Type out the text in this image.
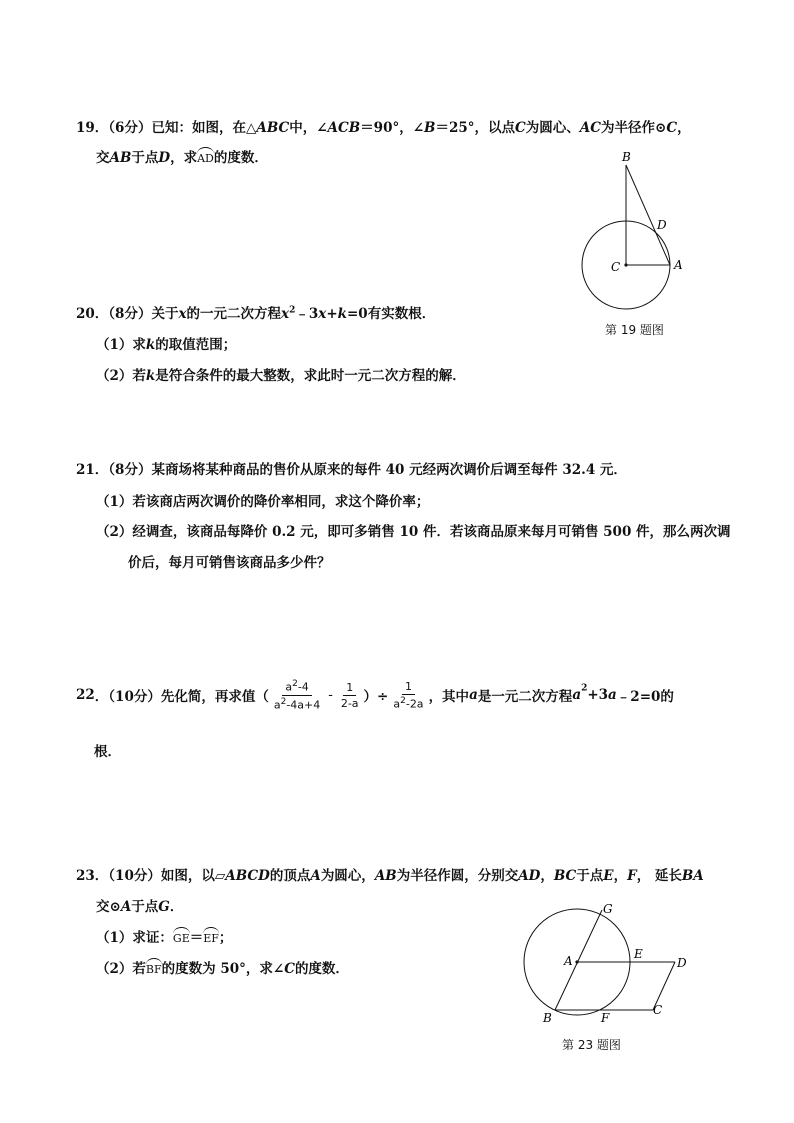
19．（6分）已知：如图，在△ABC中，∠ACB＝90°，∠B＝25°，以点C为圆心、AC为半径作⊙C，
交AB于点D，求AD的度数．	B
D
C	A
第 19 题图
20．（8分）关于x的一元二次方程$x^2﹣3x+k=0$有实数根．
（1）求k的取值范围；
（2）若k是符合条件的最大整数，求此时一元二次方程的解．
21．（8分）某商场将某种商品的售价从原来的每件 40 元经两次调价后调至每件 32.4 元．
（1）若该商店两次调价的降价率相同，求这个降价率；
（2）经调查，该商品每降价 0.2 元，即可多销售 10 件．若该商品原来每月可销售 500 件，那么两次调
价后，每月可销售该商品多少件？
22．（10分）先化简，再求值（ $\frac{a^2-4}{a^2-4a+4} - \frac{1}{2-a}$ ）÷ $\frac{1}{a^2-2a}$ ，其中a是一元二次方程$a^2+3a﹣2=0$的
根．
23．（10分）如图，以▱ABCD的顶点A为圆心，AB为半径作圆，分别交AD，BC于点E，F， 延长BA
交⊙A于点G．
（1）求证：GE＝EF；
（2）若BF的度数为 50°，求∠C的度数．
G
A	E
D
B	F
C
第 23 题图
